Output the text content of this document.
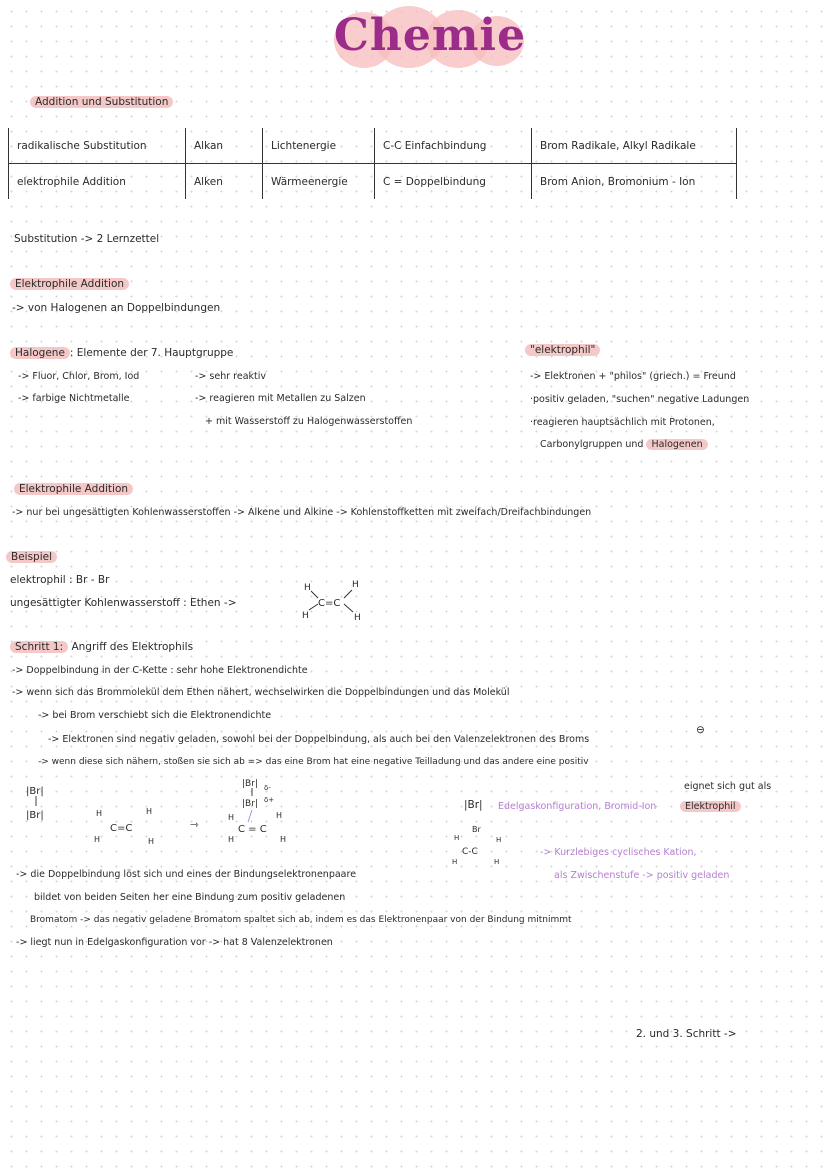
Chemie
Addition und Substitution
radikalische Substitution	Alkan	Lichtenergie	C-C Einfachbindung	Brom Radikale, Alkyl Radikale
elektrophile Addition	Alken	Wärmeenergie	C = Doppelbindung	Brom Anion, Bromonium - Ion
Substitution -> 2 Lernzettel
Elektrophile Addition
-> von Halogenen an Doppelbindungen
Halogene : Elemente der 7. Hauptgruppe
-> Fluor, Chlor, Brom, Iod
-> farbige Nichtmetalle
-> sehr reaktiv
-> reagieren mit Metallen zu Salzen
+ mit Wasserstoff zu Halogenwasserstoffen
"elektrophil"
-> Elektronen + "philos" (griech.) = Freund
·positiv geladen, "suchen" negative Ladungen
·reagieren hauptsächlich mit Protonen,
Carbonylgruppen und Halogenen
Elektrophile Addition
-> nur bei ungesättigten Kohlenwasserstoffen -> Alkene und Alkine -> Kohlenstoffketten mit zweifach/Dreifachbindungen
Beispiel
elektrophil : Br - Br
ungesättigter Kohlenwasserstoff : Ethen ->
H
H
H
H
C=C
Schritt 1: Angriff des Elektrophils
-> Doppelbindung in der C-Kette : sehr hohe Elektronendichte
-> wenn sich das Brommolekül dem Ethen nähert, wechselwirken die Doppelbindungen und das Molekül
-> bei Brom verschiebt sich die Elektronendichte
-> Elektronen sind negativ geladen, sowohl bei der Doppelbindung, als auch bei den Valenzelektronen des Broms
⊖
-> wenn diese sich nähern, stoßen sie sich ab => das eine Brom hat eine negative Teilladung und das andere eine positiv
eignet sich gut als
Elektrophil
|Br|
|Br|	H
H
H
H
C=C	⇾
|Br| δ-
|Br| δ+
H	H
C = C
H	H
|Br| Edelgaskonfiguration, Bromid-Ion
Br
H	H
C-C
H	H
-> Kurzlebiges cyclisches Kation,
als Zwischenstufe -> positiv geladen
-> die Doppelbindung löst sich und eines der Bindungselektronenpaare
bildet von beiden Seiten her eine Bindung zum positiv geladenen
Bromatom -> das negativ geladene Bromatom spaltet sich ab, indem es das Elektronenpaar von der Bindung mitnimmt
-> liegt nun in Edelgaskonfiguration vor -> hat 8 Valenzelektronen
2. und 3. Schritt ->
